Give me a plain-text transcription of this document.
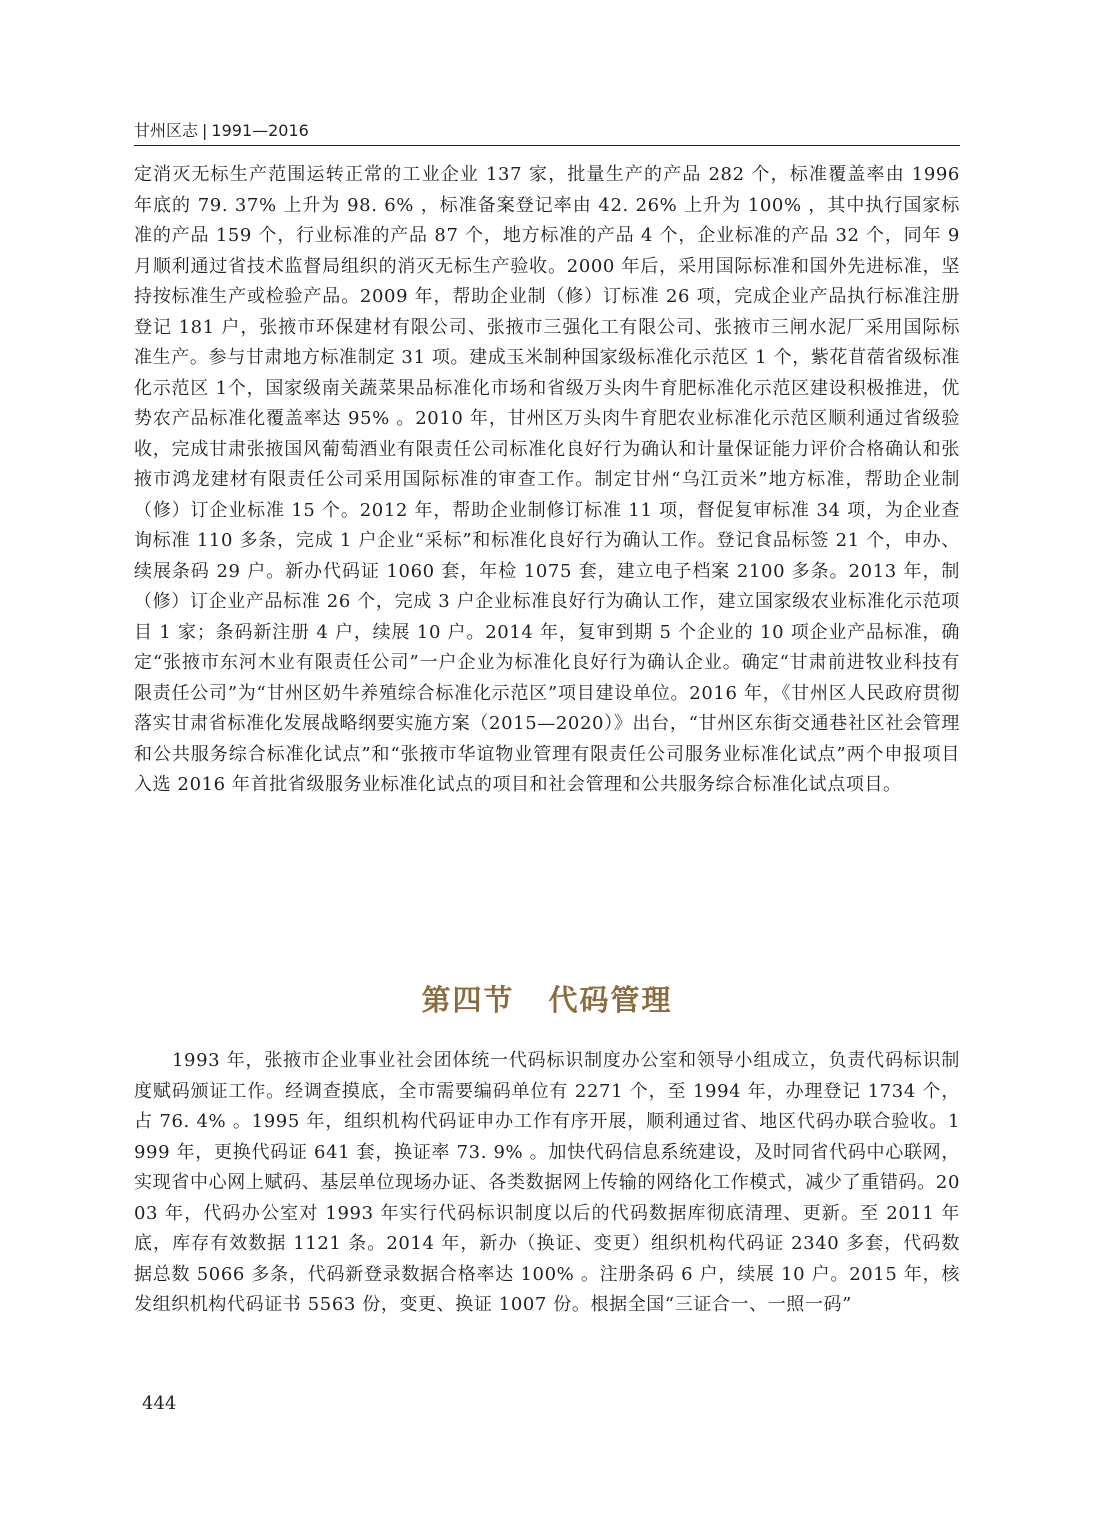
甘州区志 | 1991—2016

定消灭无标生产范围运转正常的工业企业 137 家，批量生产的产品 282 个，标准覆盖率由 1996 年底的 79. 37% 上升为 98. 6% ，标准备案登记率由 42. 26% 上升为 100% ，其中执行国家标准的产品 159 个，行业标准的产品 87 个，地方标准的产品 4 个，企业标准的产品 32 个，同年 9 月顺利通过省技术监督局组织的消灭无标生产验收。2000 年后，采用国际标准和国外先进标准，坚持按标准生产或检验产品。2009 年，帮助企业制（修）订标准 26 项，完成企业产品执行标准注册登记 181 户，张掖市环保建材有限公司、张掖市三强化工有限公司、张掖市三闸水泥厂采用国际标准生产。参与甘肃地方标准制定 31 项。建成玉米制种国家级标准化示范区 1 个，紫花苜蓿省级标准化示范区 1个，国家级南关蔬菜果品标准化市场和省级万头肉牛育肥标准化示范区建设积极推进，优势农产品标准化覆盖率达 95% 。2010 年，甘州区万头肉牛育肥农业标准化示范区顺利通过省级验收，完成甘肃张掖国风葡萄酒业有限责任公司标准化良好行为确认和计量保证能力评价合格确认和张掖市鸿龙建材有限责任公司采用国际标准的审查工作。制定甘州“乌江贡米”地方标准，帮助企业制（修）订企业标准 15 个。2012 年，帮助企业制修订标准 11 项，督促复审标准 34 项，为企业查询标准 110 多条，完成 1 户企业“采标”和标准化良好行为确认工作。登记食品标签 21 个，申办、续展条码 29 户。新办代码证 1060 套，年检 1075 套，建立电子档案 2100 多条。2013 年，制（修）订企业产品标准 26 个，完成 3 户企业标准良好行为确认工作，建立国家级农业标准化示范项目 1 家；条码新注册 4 户，续展 10 户。2014 年，复审到期 5 个企业的 10 项企业产品标准，确定“张掖市东河木业有限责任公司”一户企业为标准化良好行为确认企业。确定“甘肃前进牧业科技有限责任公司”为“甘州区奶牛养殖综合标准化示范区”项目建设单位。2016 年，《甘州区人民政府贯彻落实甘肃省标准化发展战略纲要实施方案（2015—2020）》出台，“甘州区东街交通巷社区社会管理和公共服务综合标准化试点”和“张掖市华谊物业管理有限责任公司服务业标准化试点”两个申报项目入选 2016 年首批省级服务业标准化试点的项目和社会管理和公共服务综合标准化试点项目。

第四节 代码管理

1993 年，张掖市企业事业社会团体统一代码标识制度办公室和领导小组成立，负责代码标识制度赋码颁证工作。经调查摸底，全市需要编码单位有 2271 个，至 1994 年，办理登记 1734 个，占 76. 4% 。1995 年，组织机构代码证申办工作有序开展，顺利通过省、地区代码办联合验收。1999 年，更换代码证 641 套，换证率 73. 9% 。加快代码信息系统建设，及时同省代码中心联网，实现省中心网上赋码、基层单位现场办证、各类数据网上传输的网络化工作模式，减少了重错码。2003 年，代码办公室对 1993 年实行代码标识制度以后的代码数据库彻底清理、更新。至 2011 年底，库存有效数据 1121 条。2014 年，新办（换证、变更）组织机构代码证 2340 多套，代码数据总数 5066 多条，代码新登录数据合格率达 100% 。注册条码 6 户，续展 10 户。2015 年，核发组织机构代码证书 5563 份，变更、换证 1007 份。根据全国“三证合一、一照一码”

444
